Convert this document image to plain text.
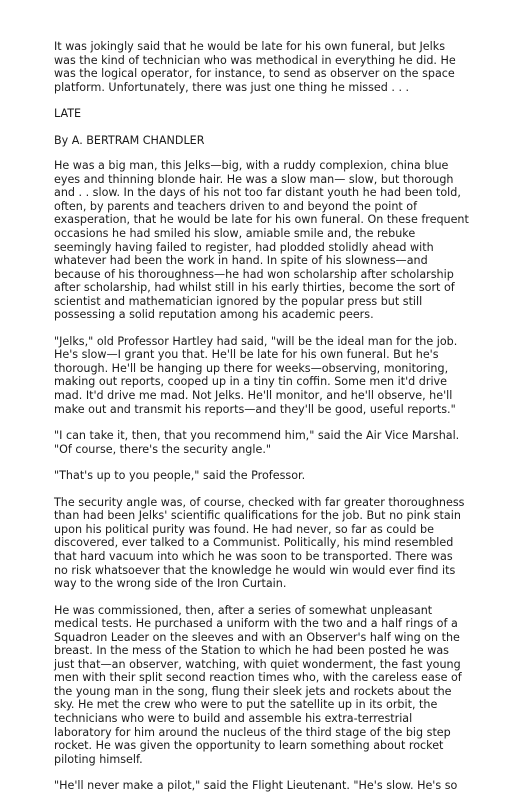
It was jokingly said that he would be late for his own funeral, but Jelks was the kind of technician who was methodical in everything he did. He was the logical operator, for instance, to send as observer on the space platform. Unfortunately, there was just one thing he missed . . .

LATE

By A. BERTRAM CHANDLER

He was a big man, this Jelks—big, with a ruddy complexion, china blue eyes and thinning blonde hair. He was a slow man— slow, but thorough and . . slow. In the days of his not too far distant youth he had been told, often, by parents and teachers driven to and beyond the point of exasperation, that he would be late for his own funeral. On these frequent occasions he had smiled his slow, amiable smile and, the rebuke seemingly having failed to register, had plodded stolidly ahead with whatever had been the work in hand. In spite of his slowness—and because of his thoroughness—he had won scholarship after scholarship after scholarship, had whilst still in his early thirties, become the sort of scientist and mathematician ignored by the popular press but still possessing a solid reputation among his academic peers.

"Jelks," old Professor Hartley had said, "will be the ideal man for the job. He's slow—I grant you that. He'll be late for his own funeral. But he's thorough. He'll be hanging up there for weeks—observing, monitoring, making out reports, cooped up in a tiny tin coffin. Some men it'd drive mad. It'd drive me mad. Not Jelks. He'll monitor, and he'll observe, he'll make out and transmit his reports—and they'll be good, useful reports."

"I can take it, then, that you recommend him," said the Air Vice Marshal. "Of course, there's the security angle."

"That's up to you people," said the Professor.

The security angle was, of course, checked with far greater thoroughness than had been Jelks' scientific qualifications for the job. But no pink stain upon his political purity was found. He had never, so far as could be discovered, ever talked to a Communist. Politically, his mind resembled that hard vacuum into which he was soon to be transported. There was no risk whatsoever that the knowledge he would win would ever find its way to the wrong side of the Iron Curtain.

He was commissioned, then, after a series of somewhat unpleasant medical tests. He purchased a uniform with the two and a half rings of a Squadron Leader on the sleeves and with an Observer's half wing on the breast. In the mess of the Station to which he had been posted he was just that—an observer, watching, with quiet wonderment, the fast young men with their split second reaction times who, with the careless ease of the young man in the song, flung their sleek jets and rockets about the sky. He met the crew who were to put the satellite up in its orbit, the technicians who were to build and assemble his extra-terrestrial laboratory for him around the nucleus of the third stage of the big step rocket. He was given the opportunity to learn something about rocket piloting himself.

"He'll never make a pilot," said the Flight Lieutenant. "He's slow. He's so
